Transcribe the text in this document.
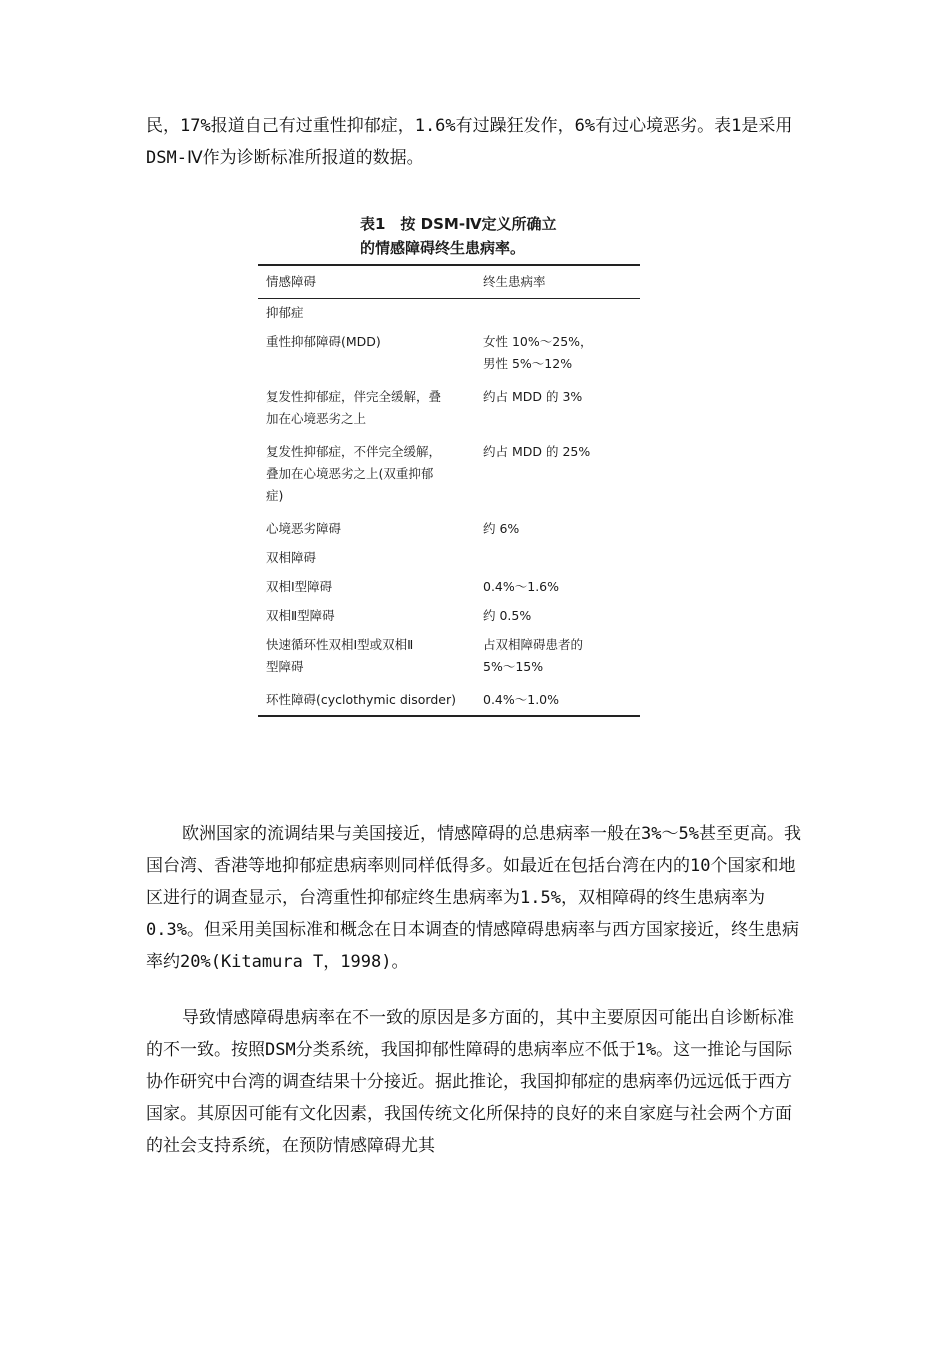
民，17%报道自己有过重性抑郁症，1.6%有过躁狂发作，6%有过心境恶劣。表1是采用DSM-Ⅳ作为诊断标准所报道的数据。

表1　按 DSM-Ⅳ定义所确立
的情感障碍终生患病率。
情感障碍	终生患病率
抑郁症	
重性抑郁障碍(MDD)	女性 10%～25%，
男性 5%～12%
复发性抑郁症，伴完全缓解，叠
加在心境恶劣之上	约占 MDD 的 3%
复发性抑郁症，不伴完全缓解，
叠加在心境恶劣之上(双重抑郁
症)	约占 MDD 的 25%
心境恶劣障碍	约 6%
双相障碍	
双相Ⅰ型障碍	0.4%～1.6%
双相Ⅱ型障碍	约 0.5%
快速循环性双相Ⅰ型或双相Ⅱ
型障碍	占双相障碍患者的
5%～15%
环性障碍(cyclothymic disorder)	0.4%～1.0%

欧洲国家的流调结果与美国接近，情感障碍的总患病率一般在3%～5%甚至更高。我国台湾、香港等地抑郁症患病率则同样低得多。如最近在包括台湾在内的10个国家和地区进行的调查显示，台湾重性抑郁症终生患病率为1.5%，双相障碍的终生患病率为0.3%。但采用美国标准和概念在日本调查的情感障碍患病率与西方国家接近，终生患病率约20%(Kitamura T，1998)。

导致情感障碍患病率在不一致的原因是多方面的，其中主要原因可能出自诊断标准的不一致。按照DSM分类系统，我国抑郁性障碍的患病率应不低于1%。这一推论与国际协作研究中台湾的调查结果十分接近。据此推论，我国抑郁症的患病率仍远远低于西方国家。其原因可能有文化因素，我国传统文化所保持的良好的来自家庭与社会两个方面的社会支持系统，在预防情感障碍尤其
